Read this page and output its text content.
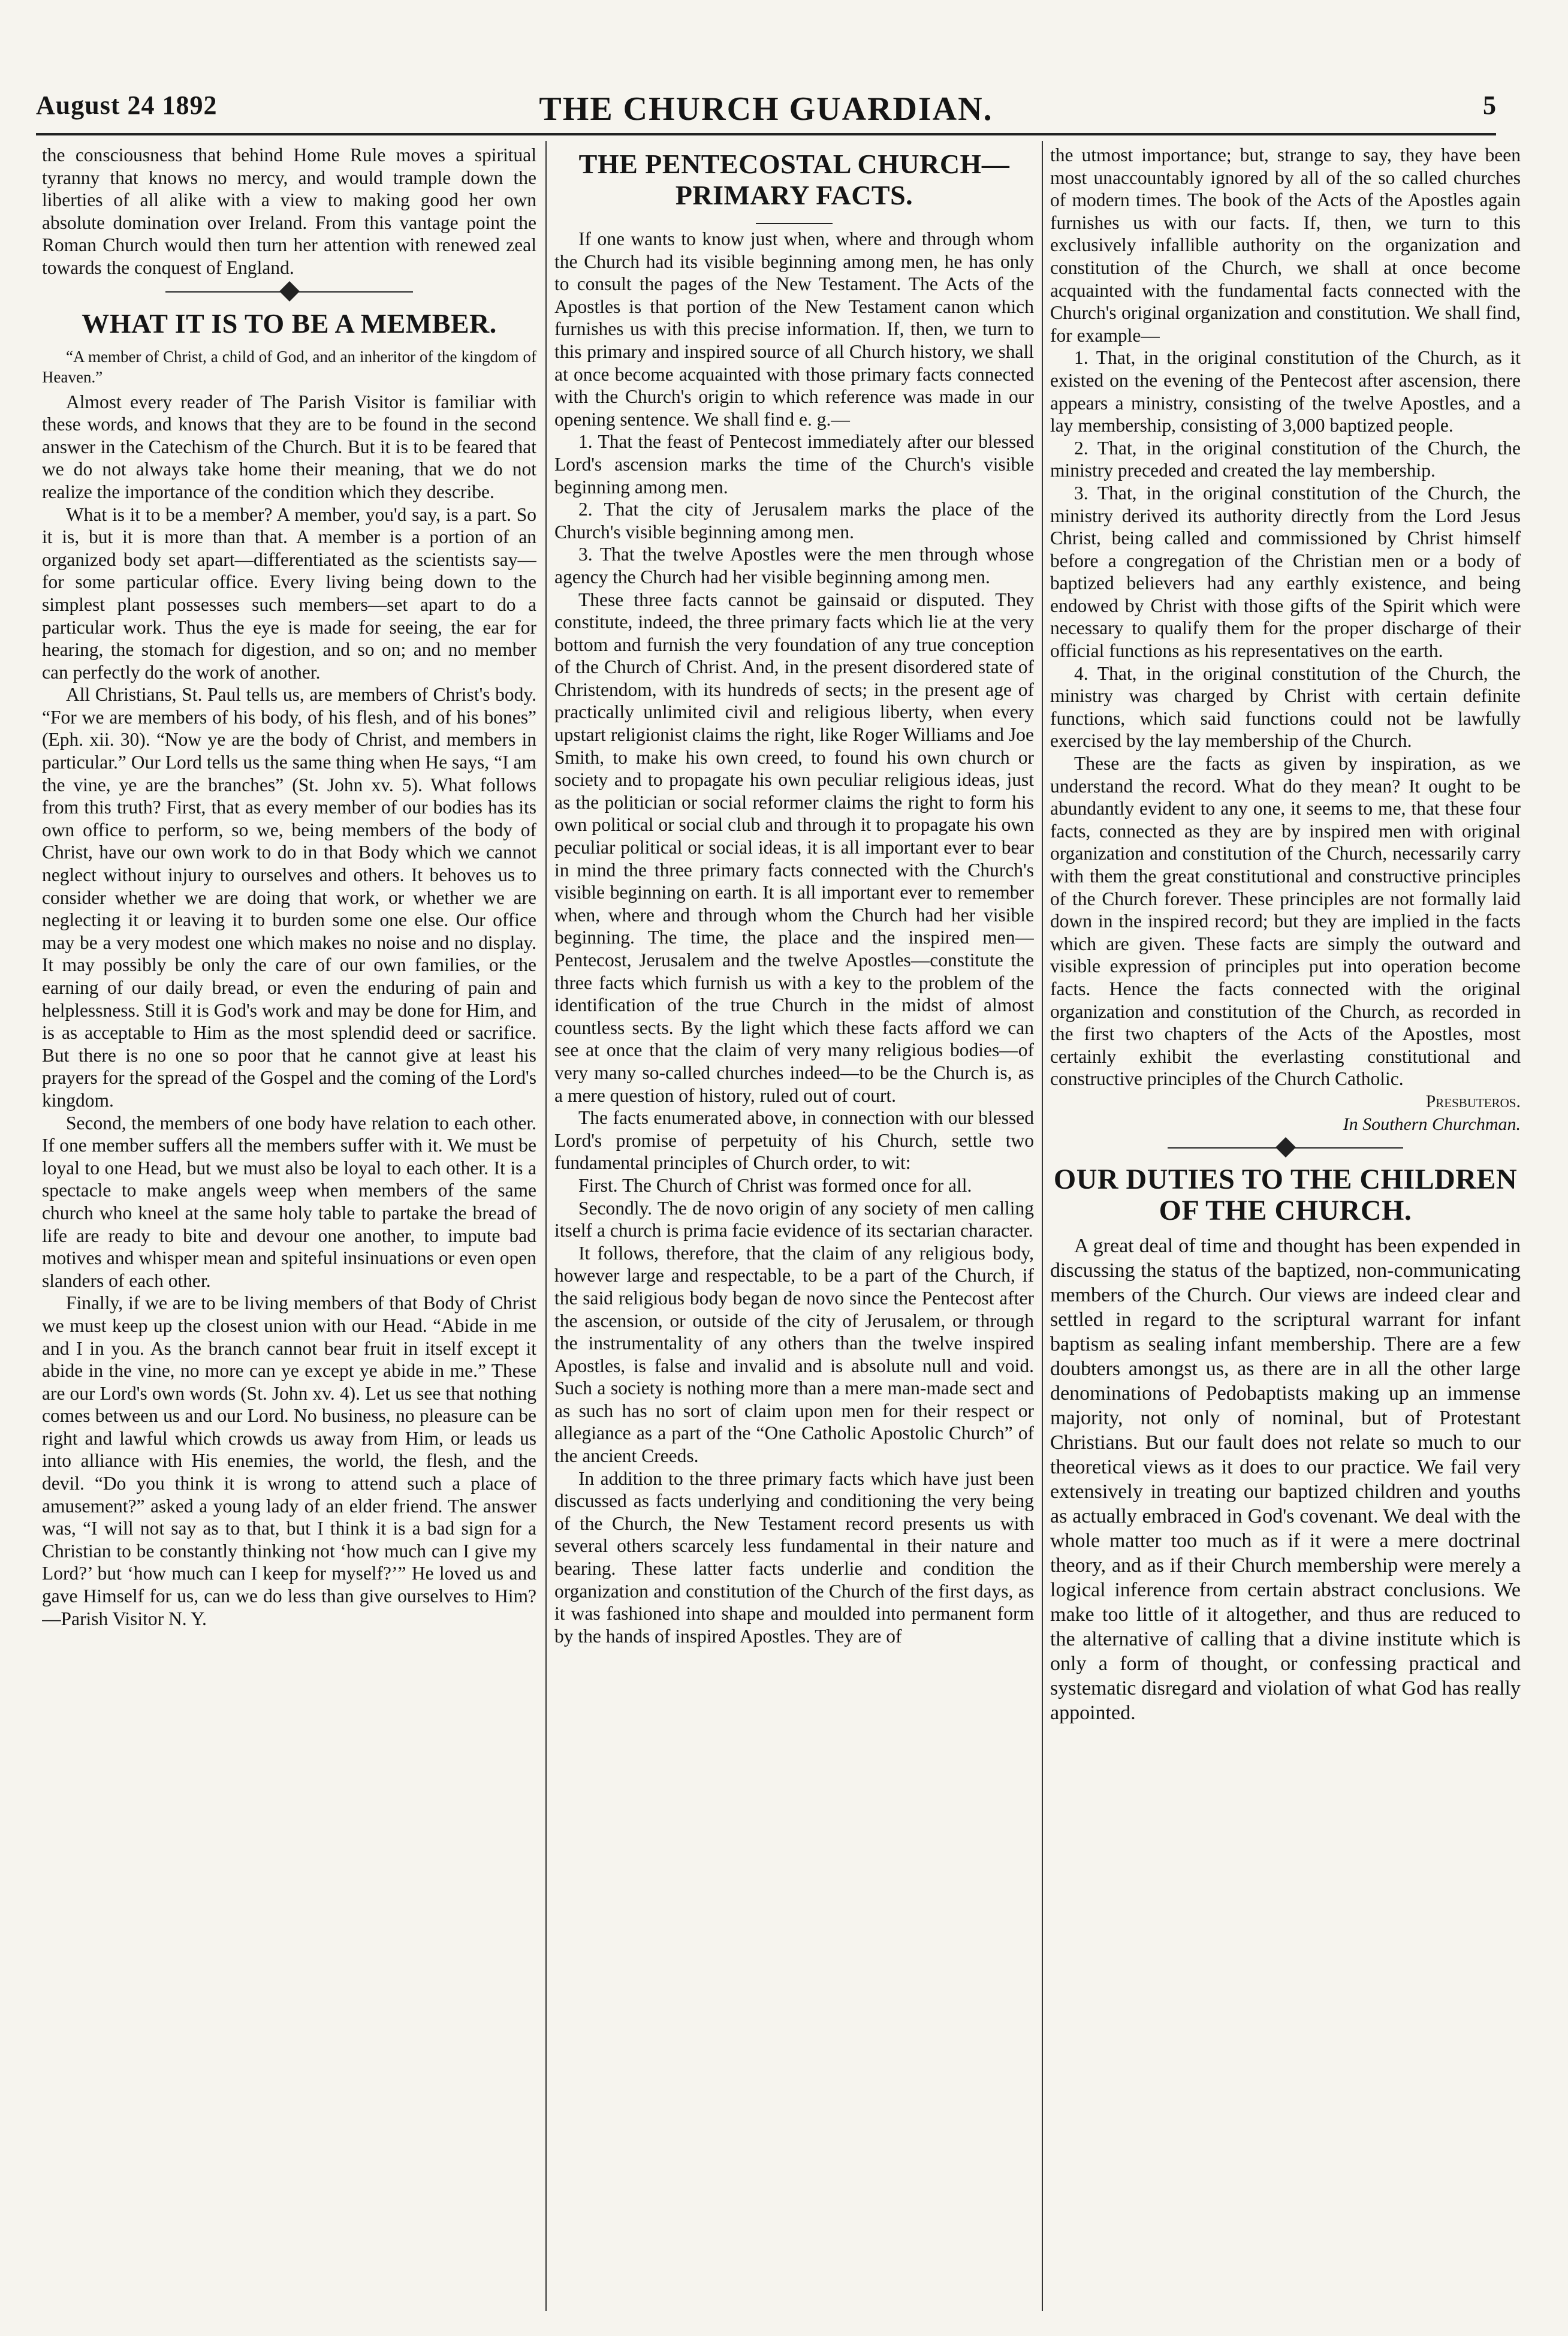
August 24 1892	THE CHURCH GUARDIAN.	5

the consciousness that behind Home Rule moves a spiritual tyranny that knows no mercy, and would trample down the liberties of all alike with a view to making good her own absolute domination over Ireland. From this vantage point the Roman Church would then turn her attention with renewed zeal towards the conquest of England.

WHAT IT IS TO BE A MEMBER.
“A member of Christ, a child of God, and an inheritor of the kingdom of Heaven.”

Almost every reader of The Parish Visitor is familiar with these words, and knows that they are to be found in the second answer in the Catechism of the Church. But it is to be feared that we do not always take home their meaning, that we do not realize the importance of the condition which they describe.

What is it to be a member? A member, you'd say, is a part. So it is, but it is more than that. A member is a portion of an organized body set apart—differentiated as the scientists say—for some particular office. Every living being down to the simplest plant possesses such members—set apart to do a particular work. Thus the eye is made for seeing, the ear for hearing, the stomach for digestion, and so on; and no member can perfectly do the work of another.

All Christians, St. Paul tells us, are members of Christ's body. “For we are members of his body, of his flesh, and of his bones” (Eph. xii. 30). “Now ye are the body of Christ, and members in particular.” Our Lord tells us the same thing when He says, “I am the vine, ye are the branches” (St. John xv. 5). What follows from this truth? First, that as every member of our bodies has its own office to perform, so we, being members of the body of Christ, have our own work to do in that Body which we cannot neglect without injury to ourselves and others. It behoves us to consider whether we are doing that work, or whether we are neglecting it or leaving it to burden some one else. Our office may be a very modest one which makes no noise and no display. It may possibly be only the care of our own families, or the earning of our daily bread, or even the enduring of pain and helplessness. Still it is God's work and may be done for Him, and is as acceptable to Him as the most splendid deed or sacrifice. But there is no one so poor that he cannot give at least his prayers for the spread of the Gospel and the coming of the Lord's kingdom.

Second, the members of one body have relation to each other. If one member suffers all the members suffer with it. We must be loyal to one Head, but we must also be loyal to each other. It is a spectacle to make angels weep when members of the same church who kneel at the same holy table to partake the bread of life are ready to bite and devour one another, to impute bad motives and whisper mean and spiteful insinuations or even open slanders of each other.

Finally, if we are to be living members of that Body of Christ we must keep up the closest union with our Head. “Abide in me and I in you. As the branch cannot bear fruit in itself except it abide in the vine, no more can ye except ye abide in me.” These are our Lord's own words (St. John xv. 4). Let us see that nothing comes between us and our Lord. No business, no pleasure can be right and lawful which crowds us away from Him, or leads us into alliance with His enemies, the world, the flesh, and the devil. “Do you think it is wrong to attend such a place of amusement?” asked a young lady of an elder friend. The answer was, “I will not say as to that, but I think it is a bad sign for a Christian to be constantly thinking not ‘how much can I give my Lord?’ but ‘how much can I keep for myself?’” He loved us and gave Himself for us, can we do less than give ourselves to Him?—Parish Visitor N. Y.

THE PENTECOSTAL CHURCH—PRIMARY FACTS.

If one wants to know just when, where and through whom the Church had its visible beginning among men, he has only to consult the pages of the New Testament. The Acts of the Apostles is that portion of the New Testament canon which furnishes us with this precise information. If, then, we turn to this primary and inspired source of all Church history, we shall at once become acquainted with those primary facts connected with the Church's origin to which reference was made in our opening sentence. We shall find e. g.—

1. That the feast of Pentecost immediately after our blessed Lord's ascension marks the time of the Church's visible beginning among men.

2. That the city of Jerusalem marks the place of the Church's visible beginning among men.

3. That the twelve Apostles were the men through whose agency the Church had her visible beginning among men.

These three facts cannot be gainsaid or disputed. They constitute, indeed, the three primary facts which lie at the very bottom and furnish the very foundation of any true conception of the Church of Christ. And, in the present disordered state of Christendom, with its hundreds of sects; in the present age of practically unlimited civil and religious liberty, when every upstart religionist claims the right, like Roger Williams and Joe Smith, to make his own creed, to found his own church or society and to propagate his own peculiar religious ideas, just as the politician or social reformer claims the right to form his own political or social club and through it to propagate his own peculiar political or social ideas, it is all important ever to bear in mind the three primary facts connected with the Church's visible beginning on earth. It is all important ever to remember when, where and through whom the Church had her visible beginning. The time, the place and the inspired men—Pentecost, Jerusalem and the twelve Apostles—constitute the three facts which furnish us with a key to the problem of the identification of the true Church in the midst of almost countless sects. By the light which these facts afford we can see at once that the claim of very many religious bodies—of very many so-called churches indeed—to be the Church is, as a mere question of history, ruled out of court.

The facts enumerated above, in connection with our blessed Lord's promise of perpetuity of his Church, settle two fundamental principles of Church order, to wit:

First. The Church of Christ was formed once for all.

Secondly. The de novo origin of any society of men calling itself a church is prima facie evidence of its sectarian character.

It follows, therefore, that the claim of any religious body, however large and respectable, to be a part of the Church, if the said religious body began de novo since the Pentecost after the ascension, or outside of the city of Jerusalem, or through the instrumentality of any others than the twelve inspired Apostles, is false and invalid and is absolute null and void. Such a society is nothing more than a mere man-made sect and as such has no sort of claim upon men for their respect or allegiance as a part of the “One Catholic Apostolic Church” of the ancient Creeds.

In addition to the three primary facts which have just been discussed as facts underlying and conditioning the very being of the Church, the New Testament record presents us with several others scarcely less fundamental in their nature and bearing. These latter facts underlie and condition the organization and constitution of the Church of the first days, as it was fashioned into shape and moulded into permanent form by the hands of inspired Apostles. They are of

the utmost importance; but, strange to say, they have been most unaccountably ignored by all of the so called churches of modern times. The book of the Acts of the Apostles again furnishes us with our facts. If, then, we turn to this exclusively infallible authority on the organization and constitution of the Church, we shall at once become acquainted with the fundamental facts connected with the Church's original organization and constitution. We shall find, for example—

1. That, in the original constitution of the Church, as it existed on the evening of the Pentecost after ascension, there appears a ministry, consisting of the twelve Apostles, and a lay membership, consisting of 3,000 baptized people.

2. That, in the original constitution of the Church, the ministry preceded and created the lay membership.

3. That, in the original constitution of the Church, the ministry derived its authority directly from the Lord Jesus Christ, being called and commissioned by Christ himself before a congregation of the Christian men or a body of baptized believers had any earthly existence, and being endowed by Christ with those gifts of the Spirit which were necessary to qualify them for the proper discharge of their official functions as his representatives on the earth.

4. That, in the original constitution of the Church, the ministry was charged by Christ with certain definite functions, which said functions could not be lawfully exercised by the lay membership of the Church.

These are the facts as given by inspiration, as we understand the record. What do they mean? It ought to be abundantly evident to any one, it seems to me, that these four facts, connected as they are by inspired men with original organization and constitution of the Church, necessarily carry with them the great constitutional and constructive principles of the Church forever. These principles are not formally laid down in the inspired record; but they are implied in the facts which are given. These facts are simply the outward and visible expression of principles put into operation become facts. Hence the facts connected with the original organization and constitution of the Church, as recorded in the first two chapters of the Acts of the Apostles, most certainly exhibit the everlasting constitutional and constructive principles of the Church Catholic.

Presbuteros.

In Southern Churchman.

OUR DUTIES TO THE CHILDREN OF THE CHURCH.

A great deal of time and thought has been expended in discussing the status of the baptized, non-communicating members of the Church. Our views are indeed clear and settled in regard to the scriptural warrant for infant baptism as sealing infant membership. There are a few doubters amongst us, as there are in all the other large denominations of Pedobaptists making up an immense majority, not only of nominal, but of Protestant Christians. But our fault does not relate so much to our theoretical views as it does to our practice. We fail very extensively in treating our baptized children and youths as actually embraced in God's covenant. We deal with the whole matter too much as if it were a mere doctrinal theory, and as if their Church membership were merely a logical inference from certain abstract conclusions. We make too little of it altogether, and thus are reduced to the alternative of calling that a divine institute which is only a form of thought, or confessing practical and systematic disregard and violation of what God has really appointed.
